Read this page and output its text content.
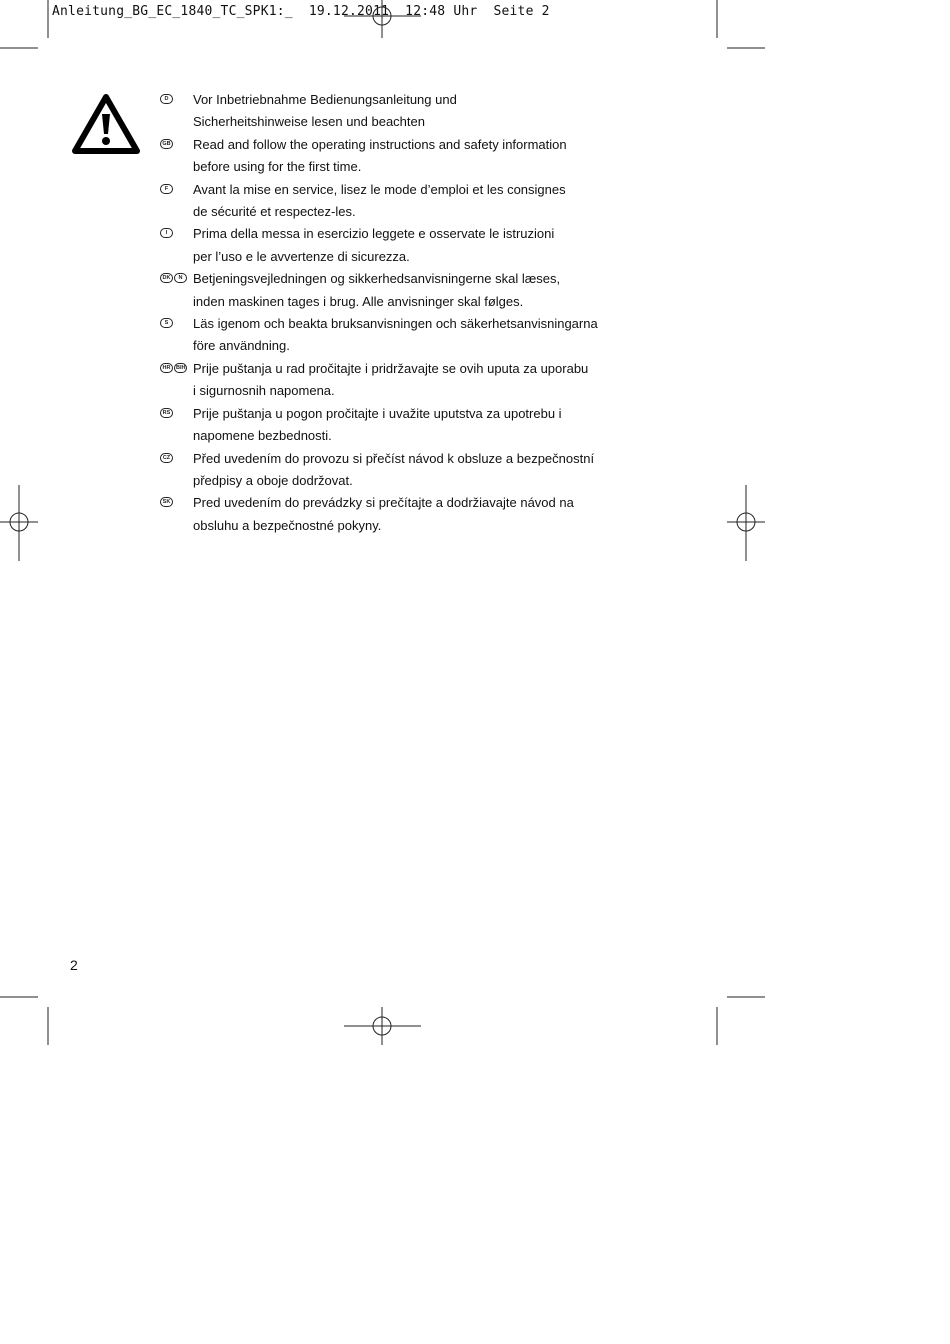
Anleitung_BG_EC_1840_TC_SPK1:_  19.12.2011  12:48 Uhr  Seite 2
D	Vor Inbetriebnahme Bedienungsanleitung und
Sicherheitshinweise lesen und beachten
GB Read and follow the operating instructions and safety information
before using for the first time.
F	Avant la mise en service, lisez le mode d’emploi et les consignes
de sécurité et respectez-les.
I	Prima della messa in esercizio leggete e osservate le istruzioni
per l’uso e le avvertenze di sicurezza.
DK	N Betjeningsvejledningen og sikkerhedsanvisningerne skal læses,
inden maskinen tages i brug. Alle anvisninger skal følges.
S	Läs igenom och beakta bruksanvisningen och säkerhetsanvisningarna
före användning.
HR	BIH Prije puštanja u rad pročitajte i pridržavajte se ovih uputa za uporabu
i sigurnosnih napomena.
RS Prije puštanja u pogon pročitajte i uvažite uputstva za upotrebu i
napomene bezbednosti.
CZ Před uvedením do provozu si přečíst návod k obsluze a bezpečnostní
předpisy a oboje dodržovat.
SK Pred uvedením do prevádzky si prečítajte a dodržiavajte návod na
obsluhu a bezpečnostné pokyny.
2
